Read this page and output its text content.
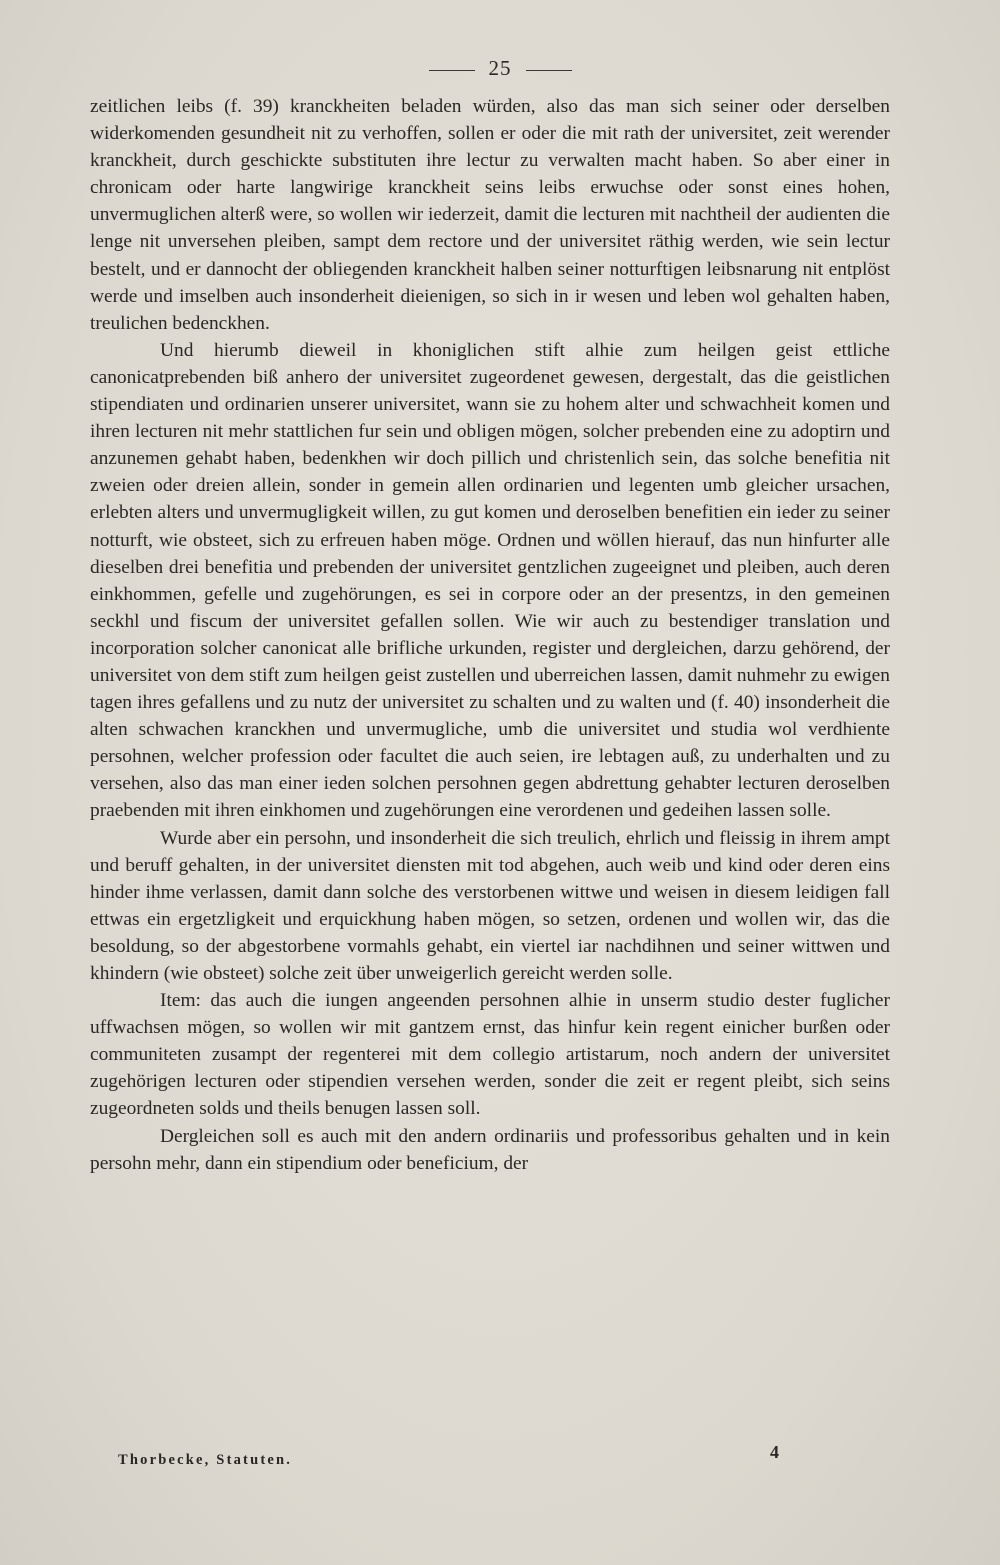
25

zeitlichen leibs (f. 39) kranckheiten beladen würden, also das man sich seiner oder derselben widerkomenden gesundheit nit zu verhoffen, sollen er oder die mit rath der universitet, zeit werender kranckheit, durch geschickte substituten ihre lectur zu verwalten macht haben. So aber einer in chronicam oder harte langwirige kranckheit seins leibs erwuchse oder sonst eines hohen, unvermuglichen alterß were, so wollen wir iederzeit, damit die lecturen mit nachtheil der audienten die lenge nit unversehen pleiben, sampt dem rectore und der universitet räthig werden, wie sein lectur bestelt, und er dannocht der obliegenden kranckheit halben seiner notturftigen leibsnarung nit entplöst werde und imselben auch insonderheit dieienigen, so sich in ir wesen und leben wol gehalten haben, treulichen bedenckhen.

Und hierumb dieweil in khoniglichen stift alhie zum heilgen geist ettliche canonicatprebenden biß anhero der universitet zugeordenet gewesen, dergestalt, das die geistlichen stipendiaten und ordinarien unserer universitet, wann sie zu hohem alter und schwachheit komen und ihren lecturen nit mehr stattlichen fur sein und obligen mögen, solcher prebenden eine zu adoptirn und anzunemen gehabt haben, bedenkhen wir doch pillich und christenlich sein, das solche benefitia nit zweien oder dreien allein, sonder in gemein allen ordinarien und legenten umb gleicher ursachen, erlebten alters und unvermugligkeit willen, zu gut komen und deroselben benefitien ein ieder zu seiner notturft, wie obsteet, sich zu erfreuen haben möge. Ordnen und wöllen hierauf, das nun hinfurter alle dieselben drei benefitia und prebenden der universitet gentzlichen zugeeignet und pleiben, auch deren einkhommen, gefelle und zugehörungen, es sei in corpore oder an der presentzs, in den gemeinen seckhl und fiscum der universitet gefallen sollen. Wie wir auch zu bestendiger translation und incorporation solcher canonicat alle brifliche urkunden, register und dergleichen, darzu gehörend, der universitet von dem stift zum heilgen geist zustellen und uberreichen lassen, damit nuhmehr zu ewigen tagen ihres gefallens und zu nutz der universitet zu schalten und zu walten und (f. 40) insonderheit die alten schwachen kranckhen und unvermugliche, umb die universitet und studia wol verdhiente persohnen, welcher profession oder facultet die auch seien, ire lebtagen auß, zu underhalten und zu versehen, also das man einer ieden solchen persohnen gegen abdrettung gehabter lecturen deroselben praebenden mit ihren einkhomen und zugehörungen eine verordenen und gedeihen lassen solle.

Wurde aber ein persohn, und insonderheit die sich treulich, ehrlich und fleissig in ihrem ampt und beruff gehalten, in der universitet diensten mit tod abgehen, auch weib und kind oder deren eins hinder ihme verlassen, damit dann solche des verstorbenen wittwe und weisen in diesem leidigen fall ettwas ein ergetzligkeit und erquickhung haben mögen, so setzen, ordenen und wollen wir, das die besoldung, so der abgestorbene vormahls gehabt, ein viertel iar nachdihnen und seiner wittwen und khindern (wie obsteet) solche zeit über unweigerlich gereicht werden solle.

Item: das auch die iungen angeenden persohnen alhie in unserm studio dester fuglicher uffwachsen mögen, so wollen wir mit gantzem ernst, das hinfur kein regent einicher burßen oder communiteten zusampt der regenterei mit dem collegio artistarum, noch andern der universitet zugehörigen lecturen oder stipendien versehen werden, sonder die zeit er regent pleibt, sich seins zugeordneten solds und theils benugen lassen soll.

Dergleichen soll es auch mit den andern ordinariis und professoribus gehalten und in kein persohn mehr, dann ein stipendium oder beneficium, der

Thorbecke, Statuten.	4
